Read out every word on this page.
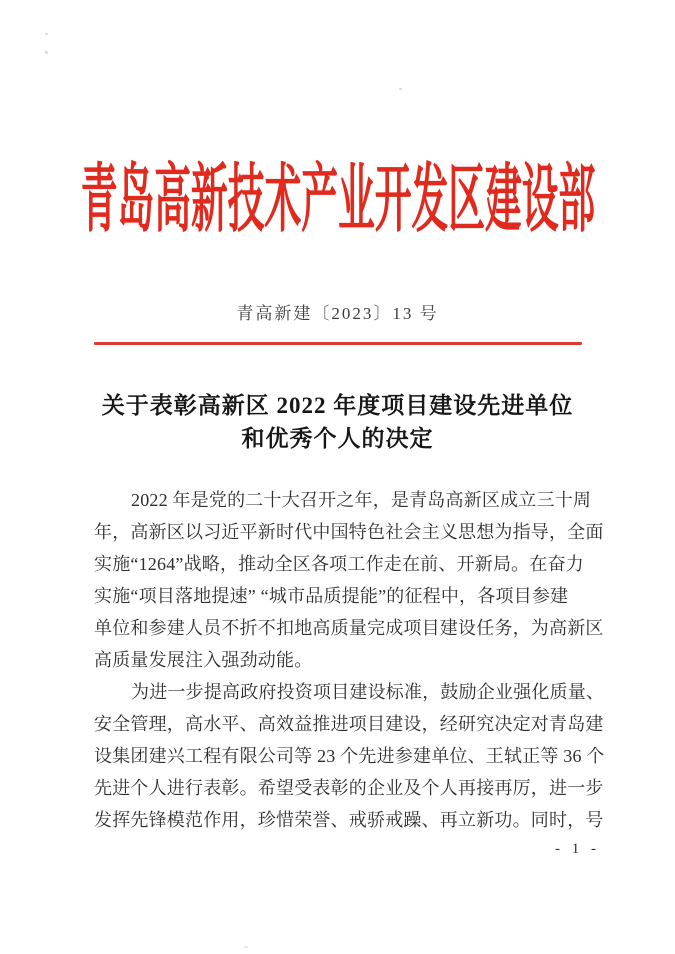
青岛高新技术产业开发区建设部
青高新建〔2023〕13 号
关于表彰高新区 2022 年度项目建设先进单位
和优秀个人的决定
2022 年是党的二十大召开之年，是青岛高新区成立三十周
年，高新区以习近平新时代中国特色社会主义思想为指导，全面
实施“1264”战略，推动全区各项工作走在前、开新局。在奋力
实施“项目落地提速” “城市品质提能”的征程中，各项目参建
单位和参建人员不折不扣地高质量完成项目建设任务，为高新区
高质量发展注入强劲动能。
为进一步提高政府投资项目建设标准，鼓励企业强化质量、
安全管理，高水平、高效益推进项目建设，经研究决定对青岛建
设集团建兴工程有限公司等 23 个先进参建单位、王轼正等 36 个
先进个人进行表彰。希望受表彰的企业及个人再接再厉，进一步
发挥先锋模范作用，珍惜荣誉、戒骄戒躁、再立新功。同时，号
- 1 -
